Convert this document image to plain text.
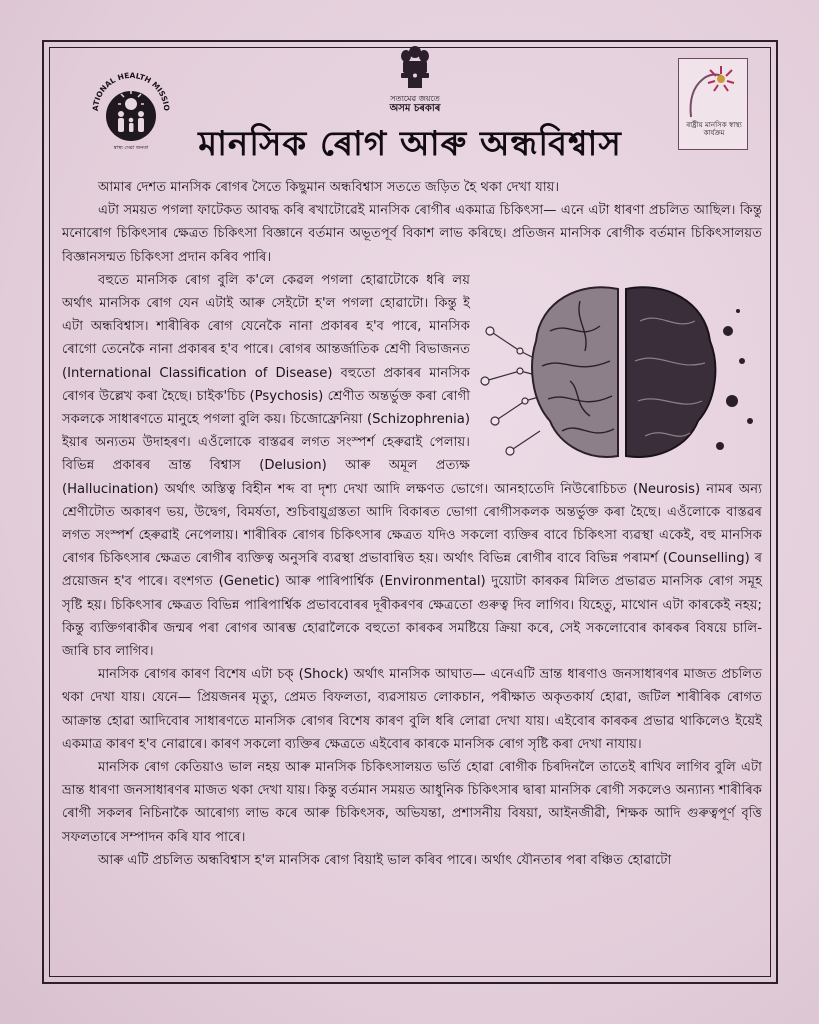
ATIONAL HEALTH MISSIO
স্বাস্থ্য সেৱা জনতা
সত্যমেৱ জয়তে
অসম চৰকাৰ
ৰাষ্ট্ৰীয় মানসিক স্বাস্থ্য কাৰ্যক্ৰম
মানসিক ৰোগ আৰু অন্ধবিশ্বাস

আমাৰ দেশত মানসিক ৰোগৰ সৈতে কিছুমান অন্ধবিশ্বাস সততে জড়িত হৈ থকা দেখা যায়।

এটা সময়ত পগলা ফাটেকত আবদ্ধ কৰি ৰখাটোৱেই মানসিক ৰোগীৰ একমাত্ৰ চিকিৎসা— এনে এটা ধাৰণা প্ৰচলিত আছিল। কিন্তু মনোৰোগ চিকিৎসাৰ ক্ষেত্ৰত চিকিৎসা বিজ্ঞানে বৰ্তমান অভূতপূৰ্ব বিকাশ লাভ কৰিছে। প্ৰতিজন মানসিক ৰোগীক বৰ্তমান চিকিৎসালয়ত বিজ্ঞানসন্মত চিকিৎসা প্ৰদান কৰিব পাৰি।

বহুতে মানসিক ৰোগ বুলি ক'লে কেৱল পগলা হোৱাটোকে ধৰি লয় অৰ্থাৎ মানসিক ৰোগ যেন এটাই আৰু সেইটো হ'ল পগলা হোৱাটো। কিন্তু ই এটা অন্ধবিশ্বাস। শাৰীৰিক ৰোগ যেনেকৈ নানা প্ৰকাৰৰ হ'ব পাৰে, মানসিক ৰোগো তেনেকৈ নানা প্ৰকাৰৰ হ'ব পাৰে। ৰোগৰ আন্তৰ্জাতিক শ্ৰেণী বিভাজনত (International Classification of Disease) বহুতো প্ৰকাৰৰ মানসিক ৰোগৰ উল্লেখ কৰা হৈছে। চাইক'চিচ (Psychosis) শ্ৰেণীত অন্তৰ্ভুক্ত কৰা ৰোগী সকলকে সাধাৰণতে মানুহে পগলা বুলি কয়। চিজোফ্ৰেনিয়া (Schizophrenia) ইয়াৰ অন্যতম উদাহৰণ। এওঁলোকে বাস্তৱৰ লগত সংস্পৰ্শ হেৰুৱাই পেলায়। বিভিন্ন প্ৰকাৰৰ ভ্ৰান্ত বিশ্বাস (Delusion) আৰু অমূল প্ৰত্যক্ষ (Hallucination) অৰ্থাৎ অস্তিত্ব বিহীন শব্দ বা দৃশ্য দেখা আদি লক্ষণত ভোগে। আনহাতেদি নিউৰোচিচত (Neurosis) নামৰ অন্য শ্ৰেণীটোত অকাৰণ ভয়, উদ্বেগ, বিমৰ্ষতা, শুচিবায়ুগ্ৰস্ততা আদি বিকাৰত ভোগা ৰোগীসকলক অন্তৰ্ভুক্ত কৰা হৈছে। এওঁলোকে বাস্তৱৰ লগত সংস্পৰ্শ হেৰুৱাই নেপেলায়। শাৰীৰিক ৰোগৰ চিকিৎসাৰ ক্ষেত্ৰত যদিও সকলো ব্যক্তিৰ বাবে চিকিৎসা ব্যৱস্থা একেই, বহু মানসিক ৰোগৰ চিকিৎসাৰ ক্ষেত্ৰত ৰোগীৰ ব্যক্তিত্ব অনুসৰি ব্যৱস্থা প্ৰভাবান্বিত হয়। অৰ্থাৎ বিভিন্ন ৰোগীৰ বাবে বিভিন্ন পৰামৰ্শ (Counselling) ৰ প্ৰয়োজন হ'ব পাৰে। বংশগত (Genetic) আৰু পাৰিপাৰ্শ্বিক (Environmental) দুয়োটা কাৰকৰ মিলিত প্ৰভাৱত মানসিক ৰোগ সমূহ সৃষ্টি হয়। চিকিৎসাৰ ক্ষেত্ৰত বিভিন্ন পাৰিপাৰ্শ্বিক প্ৰভাববোৰৰ দূৰীকৰণৰ ক্ষেত্ৰতো গুৰুত্ব দিব লাগিব। যিহেতু, মাথোন এটা কাৰকেই নহয়; কিন্তু ব্যক্তিগৰাকীৰ জন্মৰ পৰা ৰোগৰ আৰম্ভ হোৱালৈকে বহুতো কাৰকৰ সমষ্টিয়ে ক্ৰিয়া কৰে, সেই সকলোবোৰ কাৰকৰ বিষয়ে চালি-জাৰি চাব লাগিব।

মানসিক ৰোগৰ কাৰণ বিশেষ এটা চক্ (Shock) অৰ্থাৎ মানসিক আঘাত— এনেএটি ভ্ৰান্ত ধাৰণাও জনসাধাৰণৰ মাজত প্ৰচলিত থকা দেখা যায়। যেনে— প্ৰিয়জনৰ মৃত্যু, প্ৰেমত বিফলতা, ব্যৱসায়ত লোকচান, পৰীক্ষাত অকৃতকাৰ্য হোৱা, জটিল শাৰীৰিক ৰোগত আক্ৰান্ত হোৱা আদিবোৰ সাধাৰণতে মানসিক ৰোগৰ বিশেষ কাৰণ বুলি ধৰি লোৱা দেখা যায়। এইবোৰ কাৰকৰ প্ৰভাৱ থাকিলেও ইয়েই একমাত্ৰ কাৰণ হ'ব নোৱাৰে। কাৰণ সকলো ব্যক্তিৰ ক্ষেত্ৰতে এইবোৰ কাৰকে মানসিক ৰোগ সৃষ্টি কৰা দেখা নাযায়।

মানসিক ৰোগ কেতিয়াও ভাল নহয় আৰু মানসিক চিকিৎসালয়ত ভৰ্তি হোৱা ৰোগীক চিৰদিনলৈ তাতেই ৰাখিব লাগিব বুলি এটা ভ্ৰান্ত ধাৰণা জনসাধাৰণৰ মাজত থকা দেখা যায়। কিন্তু বৰ্তমান সময়ত আধুনিক চিকিৎসাৰ দ্বাৰা মানসিক ৰোগী সকলেও অন্যান্য শাৰীৰিক ৰোগী সকলৰ নিচিনাকৈ আৰোগ্য লাভ কৰে আৰু চিকিৎসক, অভিযন্তা, প্ৰশাসনীয় বিষয়া, আইনজীৱী, শিক্ষক আদি গুৰুত্বপূৰ্ণ বৃত্তি সফলতাৰে সম্পাদন কৰি যাব পাৰে।

আৰু এটি প্ৰচলিত অন্ধবিশ্বাস হ'ল মানসিক ৰোগ বিয়াই ভাল কৰিব পাৰে। অৰ্থাৎ যৌনতাৰ পৰা বঞ্চিত হোৱাটো
